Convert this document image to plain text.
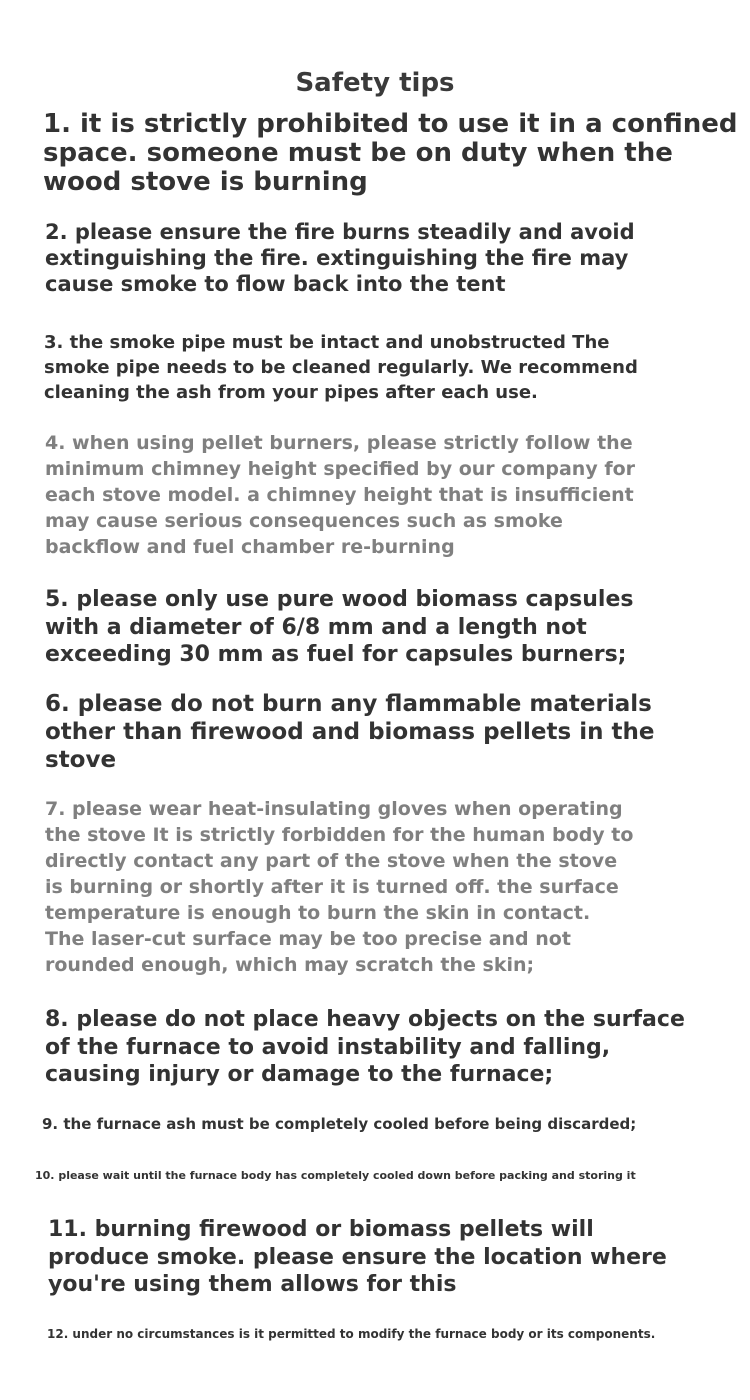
Safety tips

1. it is strictly prohibited to use it in a confined
space. someone must be on duty when the
wood stove is burning

2. please ensure the fire burns steadily and avoid
extinguishing the fire. extinguishing the fire may
cause smoke to flow back into the tent

3. the smoke pipe must be intact and unobstructed The
smoke pipe needs to be cleaned regularly. We recommend
cleaning the ash from your pipes after each use.

4. when using pellet burners, please strictly follow the
minimum chimney height specified by our company for
each stove model. a chimney height that is insufficient
may cause serious consequences such as smoke
backflow and fuel chamber re-burning

5. please only use pure wood biomass capsules
with a diameter of 6/8 mm and a length not
exceeding 30 mm as fuel for capsules burners;

6. please do not burn any flammable materials
other than firewood and biomass pellets in the
stove

7. please wear heat-insulating gloves when operating
the stove It is strictly forbidden for the human body to
directly contact any part of the stove when the stove
is burning or shortly after it is turned off. the surface
temperature is enough to burn the skin in contact.
The laser-cut surface may be too precise and not
rounded enough, which may scratch the skin;

8. please do not place heavy objects on the surface
of the furnace to avoid instability and falling,
causing injury or damage to the furnace;

9. the furnace ash must be completely cooled before being discarded;

10. please wait until the furnace body has completely cooled down before packing and storing it

11. burning firewood or biomass pellets will
produce smoke. please ensure the location where
you're using them allows for this

12. under no circumstances is it permitted to modify the furnace body or its components.
